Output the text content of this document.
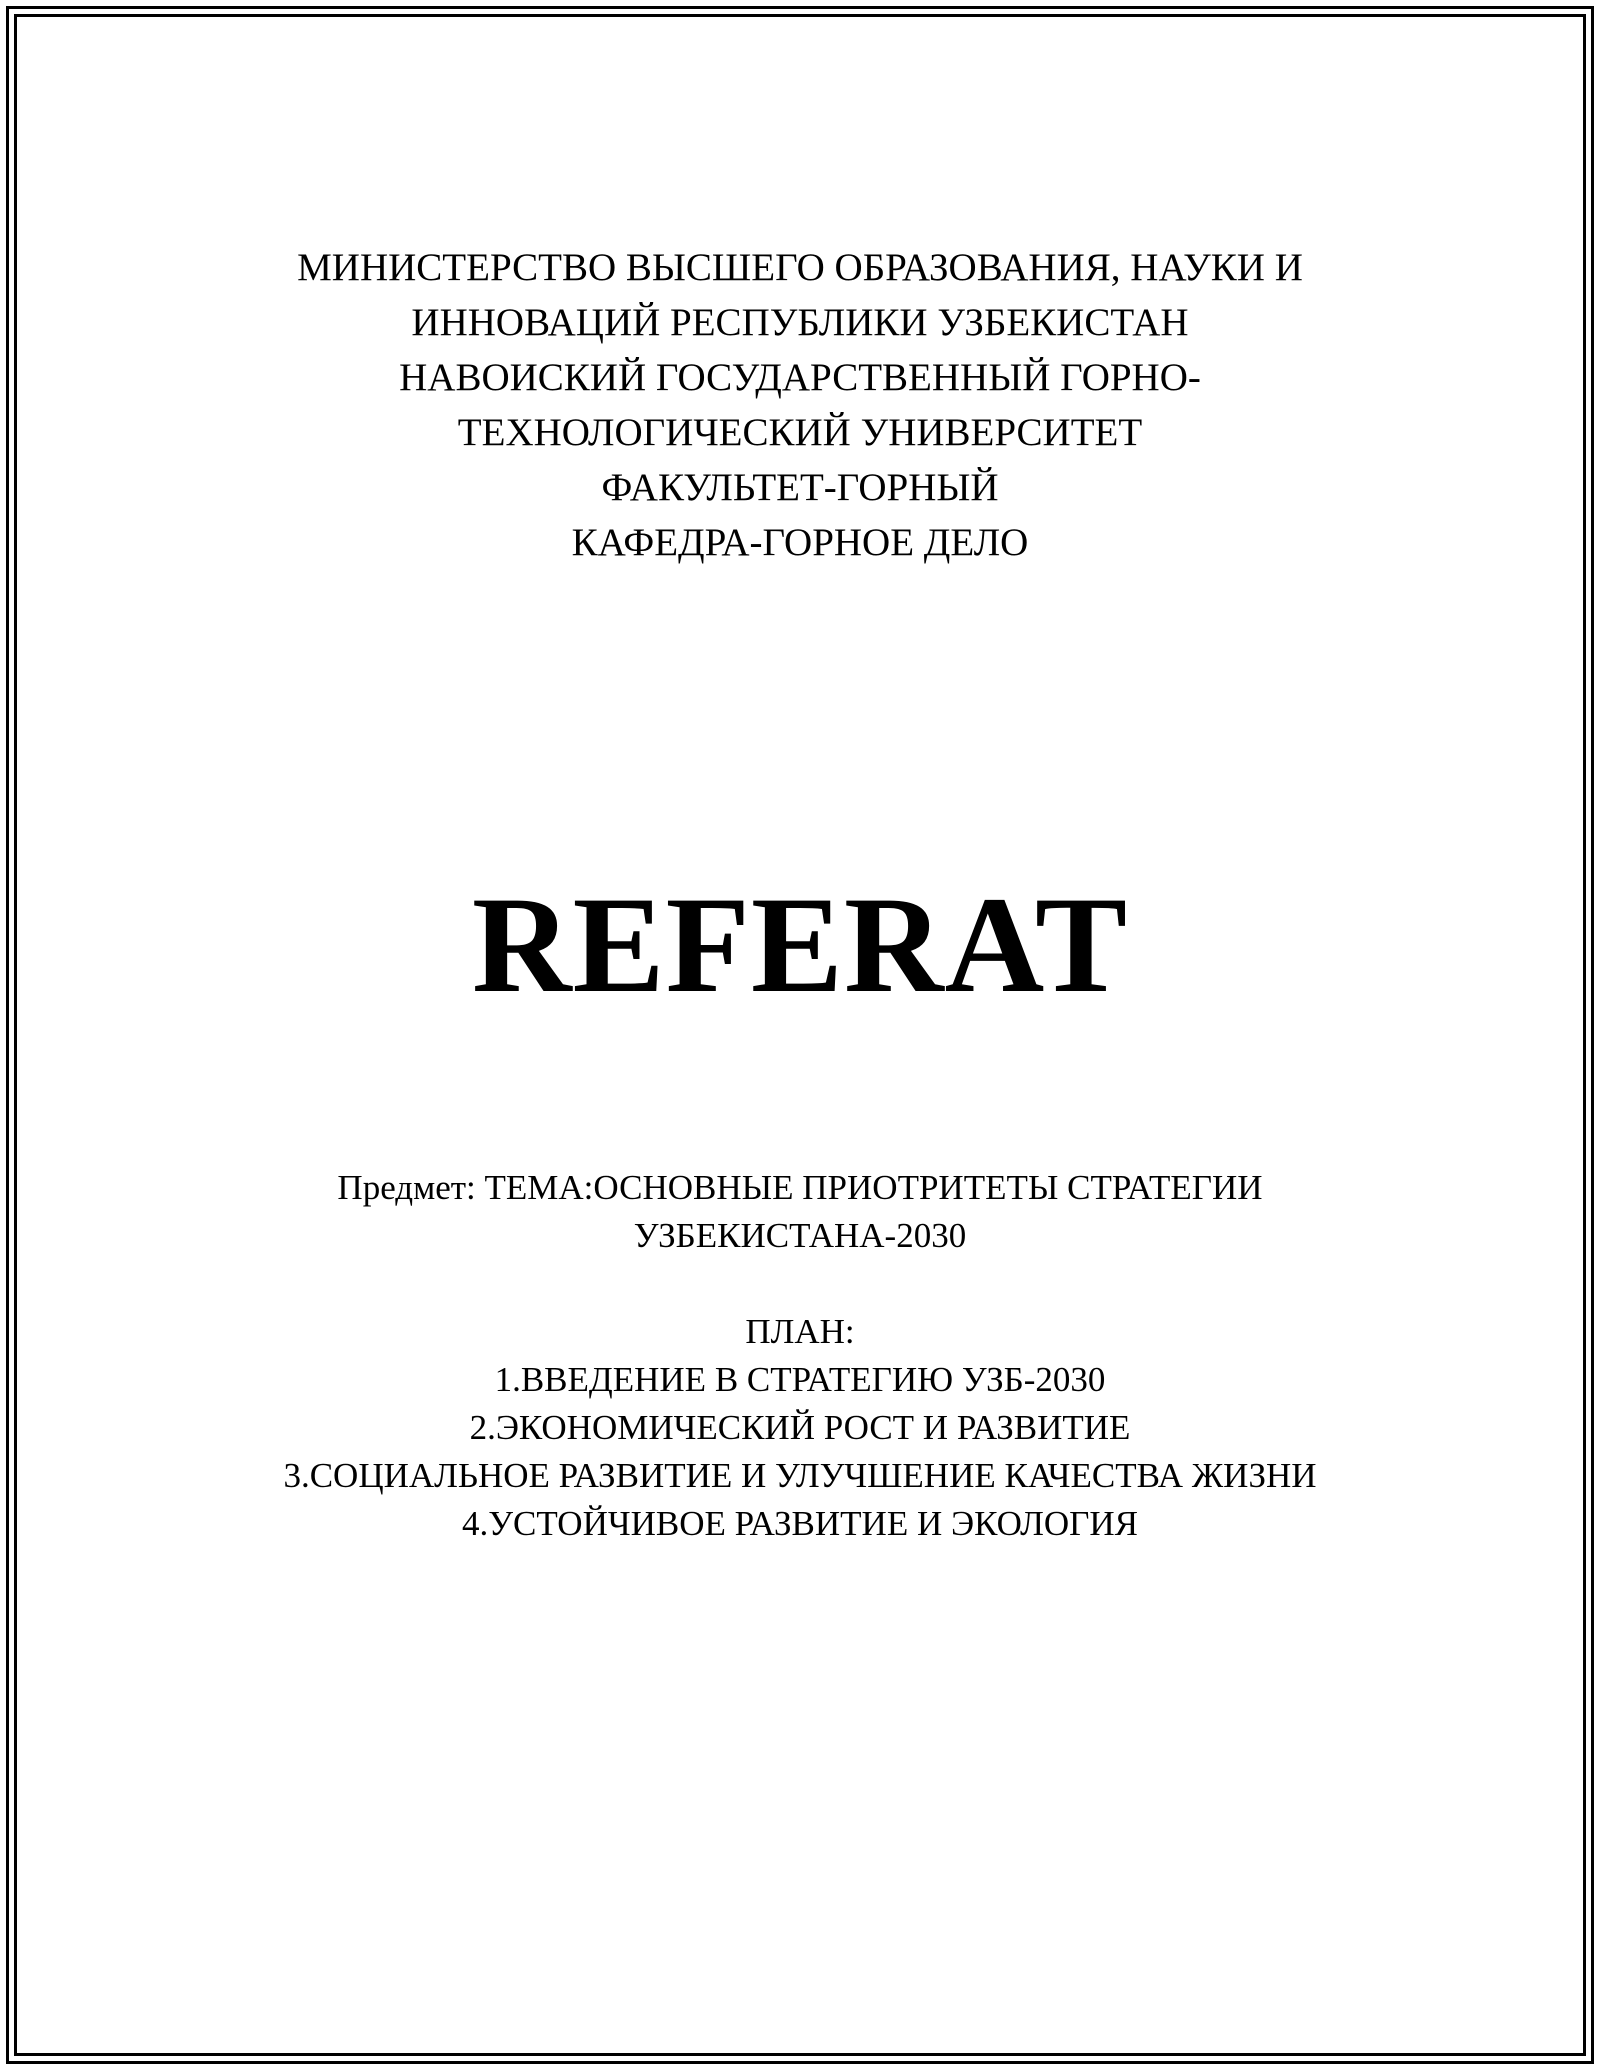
МИНИСТЕРСТВО ВЫСШЕГО ОБРАЗОВАНИЯ, НАУКИ И
ИННОВАЦИЙ РЕСПУБЛИКИ УЗБЕКИСТАН
НАВОИСКИЙ ГОСУДАРСТВЕННЫЙ ГОРНО-
ТЕХНОЛОГИЧЕСКИЙ УНИВЕРСИТЕТ
ФАКУЛЬТЕТ-ГОРНЫЙ
КАФЕДРА-ГОРНОЕ ДЕЛО
REFERAT
Предмет: ТЕМА:ОСНОВНЫЕ ПРИОТРИТЕТЫ СТРАТЕГИИ
УЗБЕКИСТАНА-2030
ПЛАН:
1.ВВЕДЕНИЕ В СТРАТЕГИЮ УЗБ-2030
2.ЭКОНОМИЧЕСКИЙ РОСТ И РАЗВИТИЕ
3.СОЦИАЛЬНОЕ РАЗВИТИЕ И УЛУЧШЕНИЕ КАЧЕСТВА ЖИЗНИ
4.УСТОЙЧИВОЕ РАЗВИТИЕ И ЭКОЛОГИЯ
